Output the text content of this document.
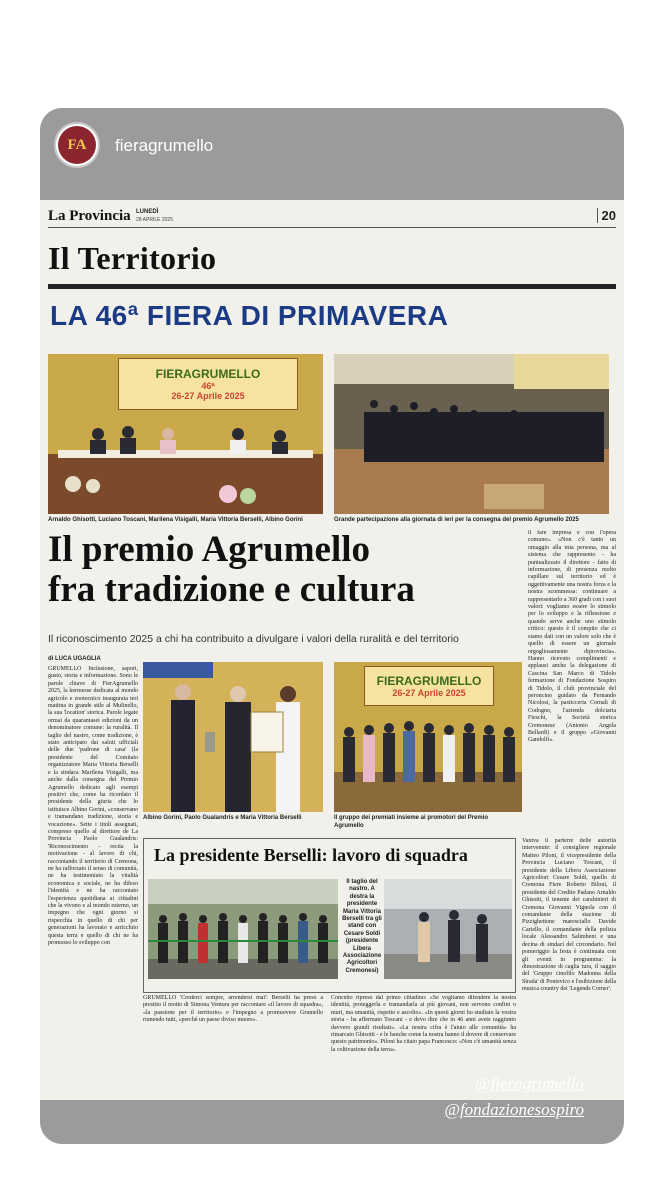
FA	fieragrumello
La Provincia LUNEDÌ
28 APRILE 2025	20
Il Territorio
LA 46ª FIERA DI PRIMAVERA
FIERAGRUMELLO
46ª
26-27 Aprile 2025
Arnaldo Ghisotti, Luciano Toscani, Marilena Visigalli, Maria Vittoria Berselli, Albino Gorini	Grande partecipazione alla giornata di ieri per la consegna del premio Agrumello 2025
Il premio Agrumello
fra tradizione e cultura
Il riconoscimento 2025 a chi ha contribuito a divulgare i valori della ruralità e del territorio
di LUCA UGAGLIA
GRUMELLO Inclusione, sapori, gusto, storia e informazione. Sono le parole chiave di FierAgrumello 2025, la kermesse dedicata al mondo agricolo e zootecnico inaugurata ieri mattina in grande stile al Mulinello, la sua 'location' storica. Parole legate ormai da quarantasei edizioni da un denominatore comune: la ruralità. Il taglio del nastro, come tradizione, è stato anticipato dai saluti ufficiali delle due 'padrone di casa' (la presidente del Comitato organizzatore Maria Vittoria Berselli e la sindaca Marilena Visigalli, ma anche dalla consegna del Premio Agrumello dedicato agli esempi positivi che, come ha ricordato il presidente della giuria che lo istituisce Albino Gorini, «conservano e tramandano tradizione, storia e vocazione». Sette i titoli assegnati, compreso quello al direttore de La Provincia Paolo Gualandris: 'Riconoscimento - recita la motivazione - al lavoro di chi, raccontando il territorio di Cremona, ne ha rafforzato il senso di comunità, ne ha testimoniato la vitalità economica e sociale, ne ha difeso l'identità e ne ha raccontato l'esperienza quotidiana ai cittadini che la vivono e al mondo esterno, un impegno che ogni giorno si rispecchia in quello di chi per generazioni ha lavorato e arricchito questa terra e quello di chi ne ha promosso lo sviluppo con
il fare impresa e con l'opera comune». «Non c'è tanto un omaggio alla mia persona, ma al sistema che rappresento - ha puntualizzato il direttore - fatto di informazione, di presenza molto capillare sul territorio ed è oggettivamente una nostra forza e la nostra scommessa: continuare a rappresentarlo a 360 gradi con i suoi valori: vogliamo essere lo stimolo per lo sviluppo e la riflessione e quando serve anche uno stimolo critico: questo è il compito che ci siamo dati con un valore solo che è quello di essere un giornale orgogliosamente diprovincia». Hanno ricevuto complimenti e applausi anche la delegazione di Cascina San Marco di Tidolo fermazione di Fondazione Sospiro di Tidolo, il club provinciale del peroncino guidato da Fernando Nicolosi, la pasticceria Cornali di Codogno, l'azienda dolciaria Fieschi, la Società storica Cremonese (Antonio Angela Bellardi) e il gruppo «Giovanni Gandolfi».
Vaniva il parterre delle autorità intervenute: il consigliere regionale Matteo Piloni, il vicepresidente della Provincia Luciano Toscani, il presidente della Libera Associazione Agricoltori Cesare Soldi, quello di Cremona Fiere Roberto Biloni, il presidente del Credito Padano Arnaldo Ghisotti, il tenente dei carabinieri di Cremona Giovanni Vignola con il comandante della stazione di Pizzighettone maresciallo Davide Cariello, il comandante della polizia locale Alessandro Salimbeni e una decina di sindaci del circondario. Nel pomeriggio la festa è continuata con gli eventi in programma: la dimostrazione di caglia tura, il saggio del 'Gruppo cinofilo Madonna della Strada' di Pontevico e l'esibizione della musica country dei 'Legends Corner'.
Albino Gorini, Paolo Gualandris e Maria Vittoria Berselli
FIERAGRUMELLO
26-27 Aprile 2025
Il gruppo dei premiati insieme ai promotori del Premio Agrumello
La presidente Berselli: lavoro di squadra
Il taglio del nastro. A destra la presidente Maria Vittoria Berselli tra gli stand con Cesare Soldi (presidente Libera Associazione Agricoltori Cremonesi)
GRUMELLO 'Crederci sempre, arrendersi mai': Berselli ha preso a prestito il motto di Simona Ventura per raccontare «il lavoro di squadra», «la passione per il territorio» e l'impegno a promuovere Grumello riunendo tutti, «perché un paese diviso muore».
Concetto ripreso dal primo cittadino: «Se vogliamo difendere la nostra identità, proteggerla e tramandarla ai più giovani, non servono confini o muri, ma umanità, rispetto e ascolto». «In questi giorni ho studiato la vostra storia - ha affermato Toscani - e devo dire che in 46 anni avete raggiunto davvero grandi risultati». «La nostra cifra è l'aiuto alle comunità» ha rimarcato Ghisotti - e le banche come la nostra hanno il dovere di conservare questo patrimonio». Piloni ha citato papa Francesco: «Non c'è umanità senza la coltivazione della terra».
@fieragrumello
@fondazionesospiro
